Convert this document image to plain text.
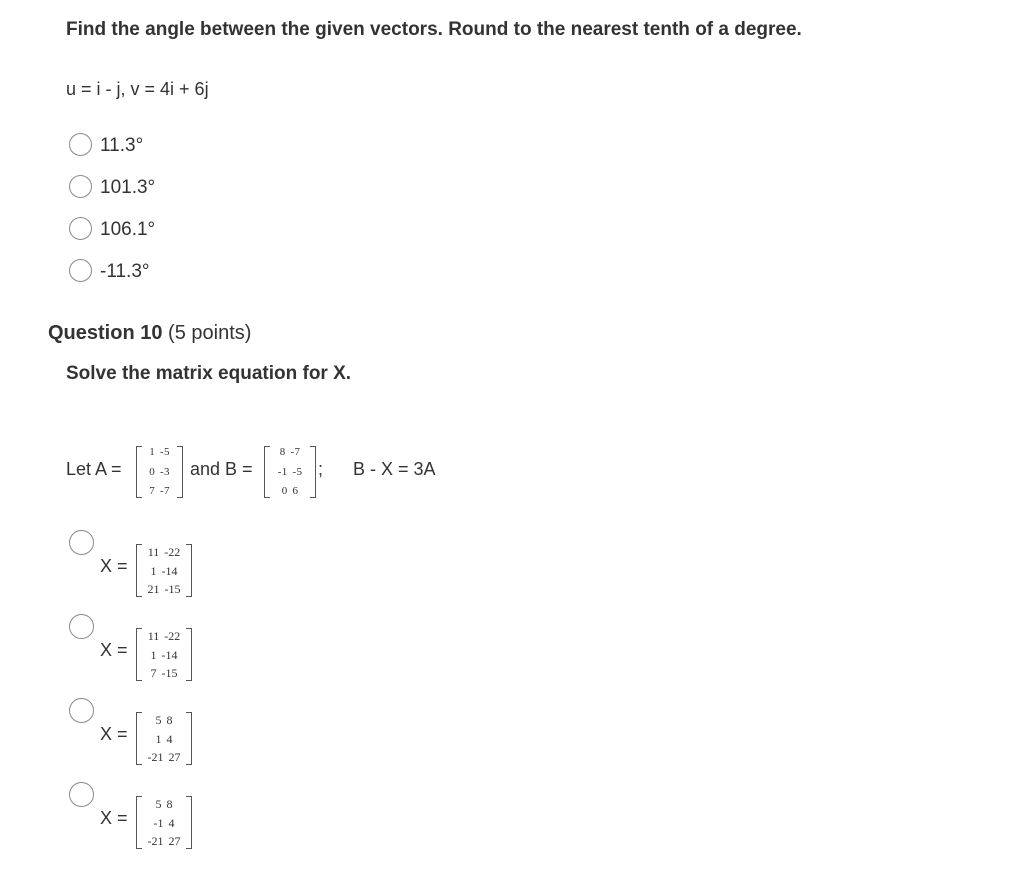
Find the angle between the given vectors. Round to the nearest tenth of a degree.
u = i - j, v = 4i + 6j
11.3°
101.3°
106.1°
-11.3°
Question 10 (5 points)
Solve the matrix equation for X.
Let A =
1 -5
0 -3
7 -7
and B =
8 -7
-1 -5
0 6
; B - X = 3A
X =
11 -22
1 -14
21 -15
X =
11 -22
1 -14
7 -15
X =
5 8
1 4
-21 27
X =
5 8
-1 4
-21 27
